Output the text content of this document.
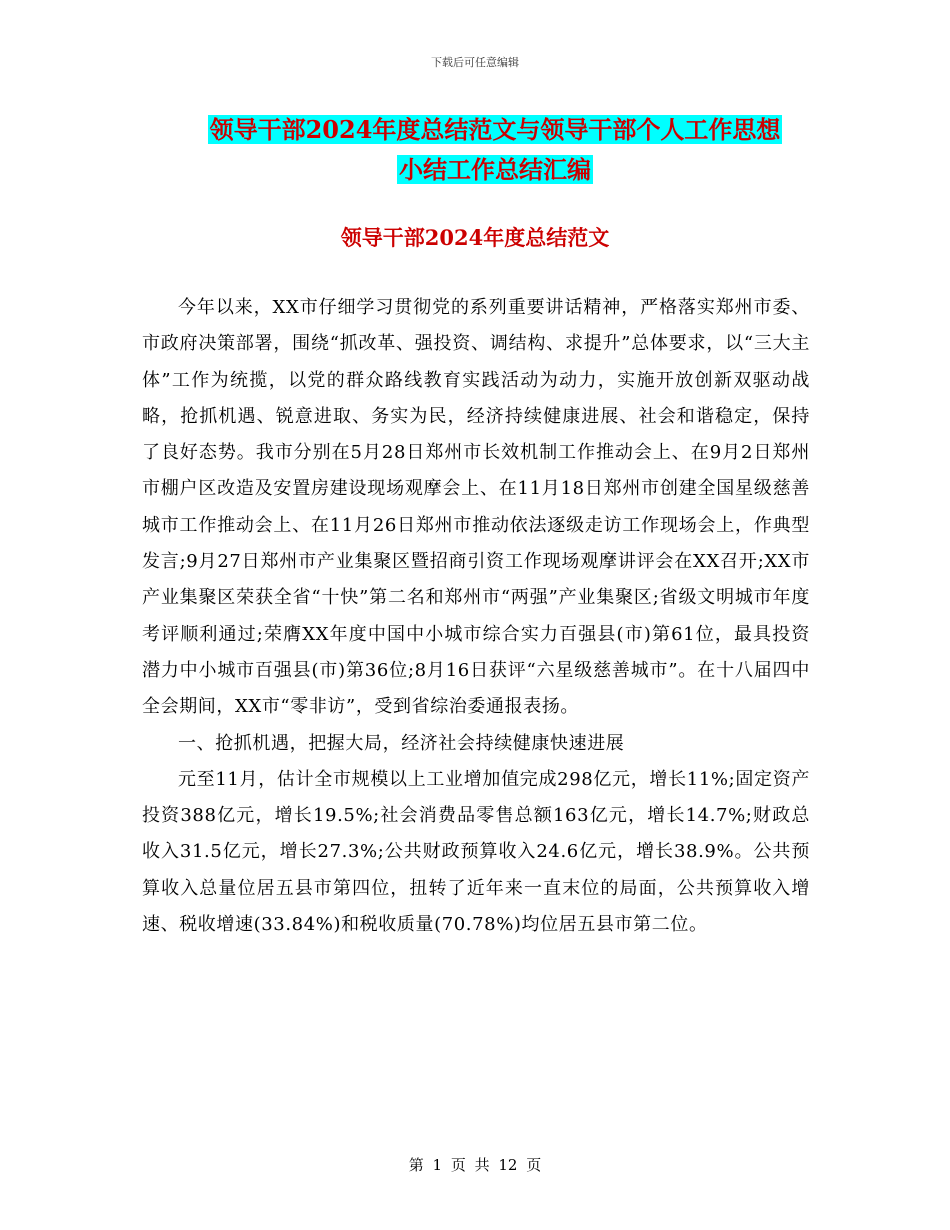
下载后可任意编辑
领导干部2024年度总结范文与领导干部个人工作思想
小结工作总结汇编
领导干部2024年度总结范文

今年以来，XX市仔细学习贯彻党的系列重要讲话精神，严格落实郑州市委、市政府决策部署，围绕“抓改革、强投资、调结构、求提升”总体要求，以“三大主体”工作为统揽，以党的群众路线教育实践活动为动力，实施开放创新双驱动战略，抢抓机遇、锐意进取、务实为民，经济持续健康进展、社会和谐稳定，保持了良好态势。我市分别在5月28日郑州市长效机制工作推动会上、在9月2日郑州市棚户区改造及安置房建设现场观摩会上、在11月18日郑州市创建全国星级慈善城市工作推动会上、在11月26日郑州市推动依法逐级走访工作现场会上，作典型发言;9月27日郑州市产业集聚区暨招商引资工作现场观摩讲评会在XX召开;XX市产业集聚区荣获全省“十快”第二名和郑州市“两强”产业集聚区;省级文明城市年度考评顺利通过;荣膺XX年度中国中小城市综合实力百强县(市)第61位，最具投资潜力中小城市百强县(市)第36位;8月16日获评“六星级慈善城市”。在十八届四中全会期间，XX市“零非访”，受到省综治委通报表扬。

一、抢抓机遇，把握大局，经济社会持续健康快速进展

元至11月，估计全市规模以上工业增加值完成298亿元，增长11%;固定资产投资388亿元，增长19.5%;社会消费品零售总额163亿元，增长14.7%;财政总收入31.5亿元，增长27.3%;公共财政预算收入24.6亿元，增长38.9%。公共预算收入总量位居五县市第四位，扭转了近年来一直末位的局面，公共预算收入增速、税收增速(33.84%)和税收质量(70.78%)均位居五县市第二位。

第 1 页 共 12 页
